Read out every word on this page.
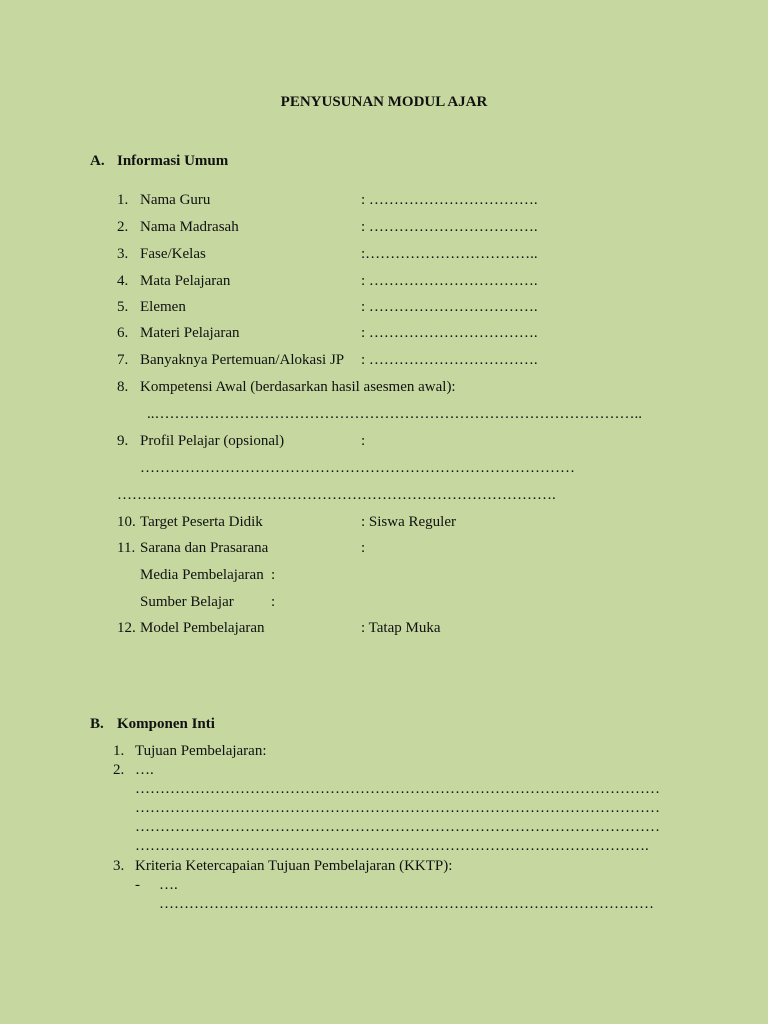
PENYUSUNAN MODUL AJAR
A. Informasi Umum
1. Nama Guru	: …………………………….
2. Nama Madrasah	: …………………………….
3. Fase/Kelas	:……………………………..
4. Mata Pelajaran	: …………………………….
5. Elemen	: …………………………….
6. Materi Pelajaran	: …………………………….
7. Banyaknya Pertemuan/Alokasi JP : …………………………….
8. Kompetensi Awal (berdasarkan hasil asesmen awal):
..……………………………………………………………………………………..
9. Profil Pelajar (opsional)	:
……………………………………………………………………………
…………………………………………………………………………….
10. Target Peserta Didik	: Siswa Reguler
11. Sarana dan Prasarana	:
Media Pembelajaran :
Sumber Belajar :
12. Model Pembelajaran	: Tatap Muka
B. Komponen Inti
1. Tujuan Pembelajaran:
2. ….
……………………………………………………………………………………………
……………………………………………………………………………………………
……………………………………………………………………………………………
………………………………………………………………………………………….
3. Kriteria Ketercapaian Tujuan Pembelajaran (KKTP):
- ….
………………………………………………………………………………………
